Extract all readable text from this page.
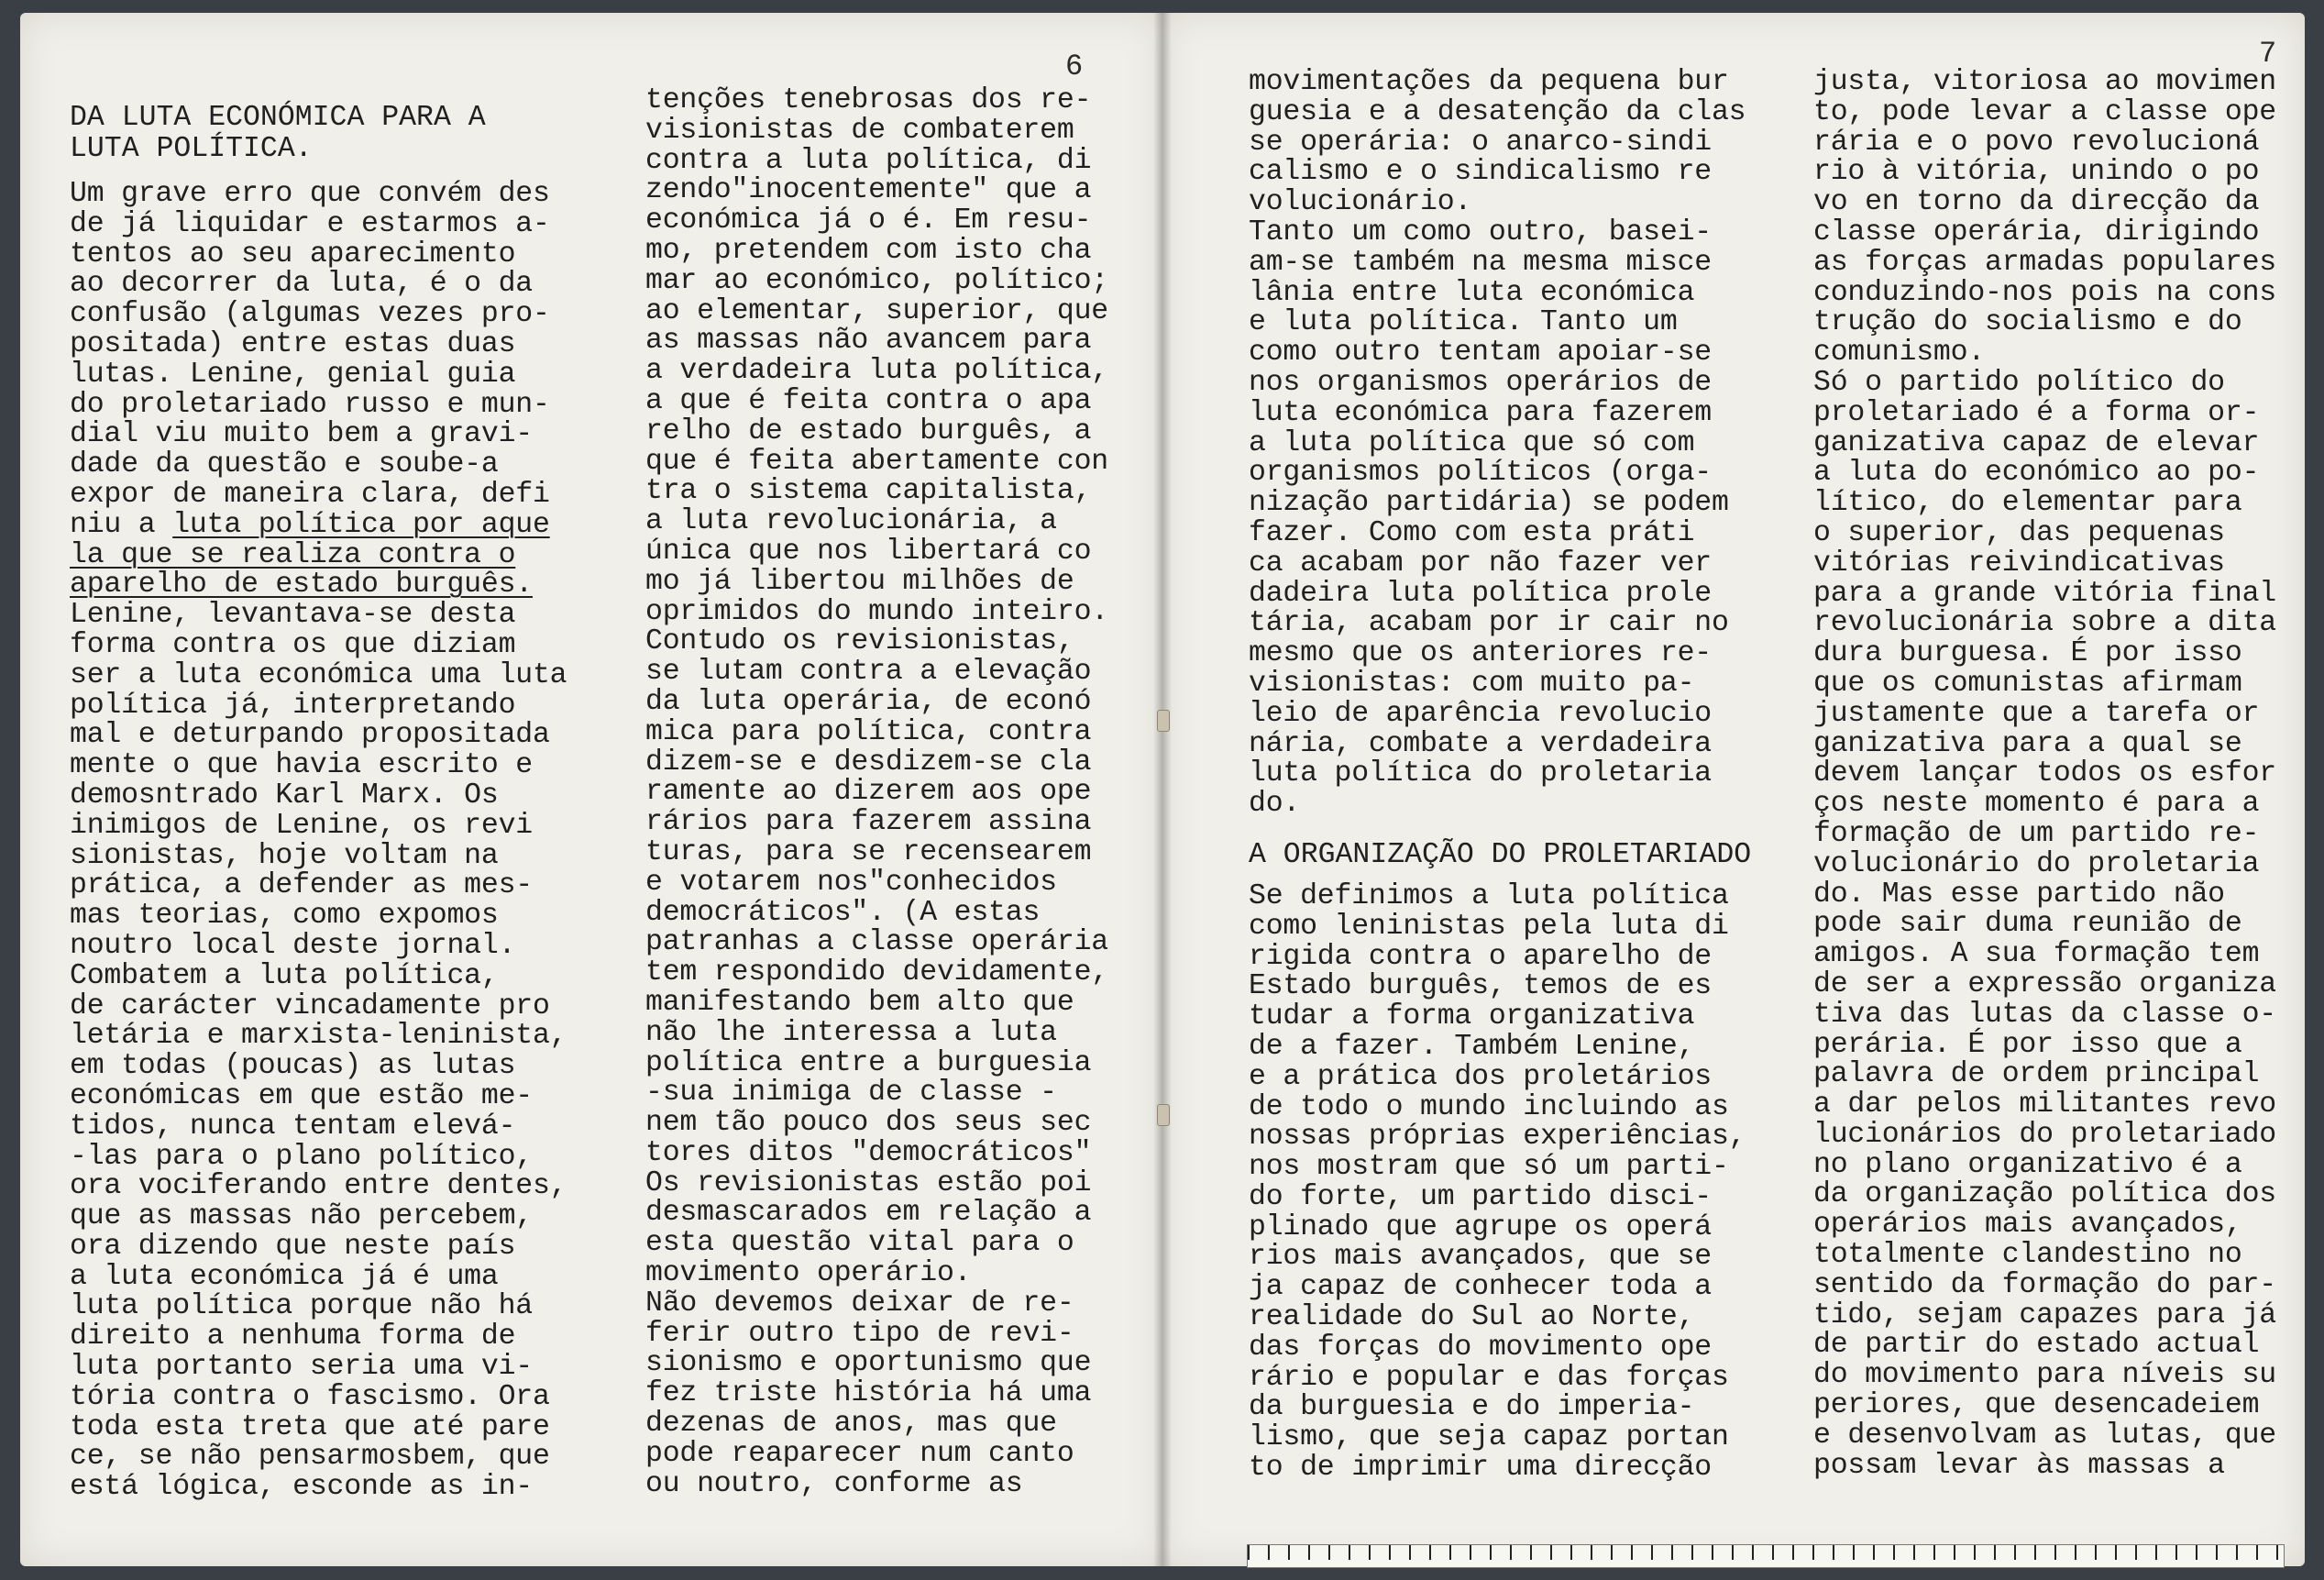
6
DA LUTA ECONÓMICA PARA A
LUTA POLÍTICA.

Um grave erro que convém des

de já liquidar e estarmos a-

tentos ao seu aparecimento

ao decorrer da luta, é o da

confusão (algumas vezes pro-

positada) entre estas duas

lutas. Lenine, genial guia

do proletariado russo e mun-

dial viu muito bem a gravi-

dade da questão e soube-a

expor de maneira clara, defi

niu a luta política por aque

la que se realiza contra o

aparelho de estado burguês.

Lenine, levantava-se desta

forma contra os que diziam

ser a luta económica uma luta

política já, interpretando

mal e deturpando propositada

mente o que havia escrito e

demosntrado Karl Marx. Os

inimigos de Lenine, os revi

sionistas, hoje voltam na

prática, a defender as mes-

mas teorias, como expomos

noutro local deste jornal.

Combatem a luta política,

de carácter vincadamente pro

letária e marxista-leninista,

em todas (poucas) as lutas

económicas em que estão me-

tidos, nunca tentam elevá-

-las para o plano político,

ora vociferando entre dentes,

que as massas não percebem,

ora dizendo que neste país

a luta económica já é uma

luta política porque não há

direito a nenhuma forma de

luta portanto seria uma vi-

tória contra o fascismo. Ora

toda esta treta que até pare

ce, se não pensarmosbem, que

está lógica, esconde as in-

tenções tenebrosas dos re-

visionistas de combaterem

contra a luta política, di

zendo"inocentemente" que a

económica já o é. Em resu-

mo, pretendem com isto cha

mar ao económico, político;

ao elementar, superior, que

as massas não avancem para

a verdadeira luta política,

a que é feita contra o apa

relho de estado burguês, a

que é feita abertamente con

tra o sistema capitalista,

a luta revolucionária, a

única que nos libertará co

mo já libertou milhões de

oprimidos do mundo inteiro.

Contudo os revisionistas,

se lutam contra a elevação

da luta operária, de econó

mica para política, contra

dizem-se e desdizem-se cla

ramente ao dizerem aos ope

rários para fazerem assina

turas, para se recensearem

e votarem nos"conhecidos

democráticos". (A estas

patranhas a classe operária

tem respondido devidamente,

manifestando bem alto que

não lhe interessa a luta

política entre a burguesia

-sua inimiga de classe -

nem tão pouco dos seus sec

tores ditos "democráticos"

Os revisionistas estão poi

desmascarados em relação a

esta questão vital para o

movimento operário.

Não devemos deixar de re-

ferir outro tipo de revi-

sionismo e oportunismo que

fez triste história há uma

dezenas de anos, mas que

pode reaparecer num canto

ou noutro, conforme as

7

movimentações da pequena bur

guesia e a desatenção da clas

se operária: o anarco-sindi

calismo e o sindicalismo re

volucionário.

Tanto um como outro, basei-

am-se também na mesma misce

lânia entre luta económica

e luta política. Tanto um

como outro tentam apoiar-se

nos organismos operários de

luta económica para fazerem

a luta política que só com

organismos políticos (orga-

nização partidária) se podem

fazer. Como com esta práti

ca acabam por não fazer ver

dadeira luta política prole

tária, acabam por ir cair no

mesmo que os anteriores re-

visionistas: com muito pa-

leio de aparência revolucio

nária, combate a verdadeira

luta política do proletaria

do.

A ORGANIZAÇÃO DO PROLETARIADO

Se definimos a luta política

como leninistas pela luta di

rigida contra o aparelho de

Estado burguês, temos de es

tudar a forma organizativa

de a fazer. Também Lenine,

e a prática dos proletários

de todo o mundo incluindo as

nossas próprias experiências,

nos mostram que só um parti-

do forte, um partido disci-

plinado que agrupe os operá

rios mais avançados, que se

ja capaz de conhecer toda a

realidade do Sul ao Norte,

das forças do movimento ope

rário e popular e das forças

da burguesia e do imperia-

lismo, que seja capaz portan

to de imprimir uma direcção

justa, vitoriosa ao movimen

to, pode levar a classe ope

rária e o povo revolucioná

rio à vitória, unindo o po

vo en torno da direcção da

classe operária, dirigindo

as forças armadas populares

conduzindo-nos pois na cons

trução do socialismo e do

comunismo.

Só o partido político do

proletariado é a forma or-

ganizativa capaz de elevar

a luta do económico ao po-

lítico, do elementar para

o superior, das pequenas

vitórias reivindicativas

para a grande vitória final

revolucionária sobre a dita

dura burguesa. É por isso

que os comunistas afirmam

justamente que a tarefa or

ganizativa para a qual se

devem lançar todos os esfor

ços neste momento é para a

formação de um partido re-

volucionário do proletaria

do. Mas esse partido não

pode sair duma reunião de

amigos. A sua formação tem

de ser a expressão organiza

tiva das lutas da classe o-

perária. É por isso que a

palavra de ordem principal

a dar pelos militantes revo

lucionários do proletariado

no plano organizativo é a

da organização política dos

operários mais avançados,

totalmente clandestino no

sentido da formação do par-

tido, sejam capazes para já

de partir do estado actual

do movimento para níveis su

periores, que desencadeiem

e desenvolvam as lutas, que

possam levar às massas a
